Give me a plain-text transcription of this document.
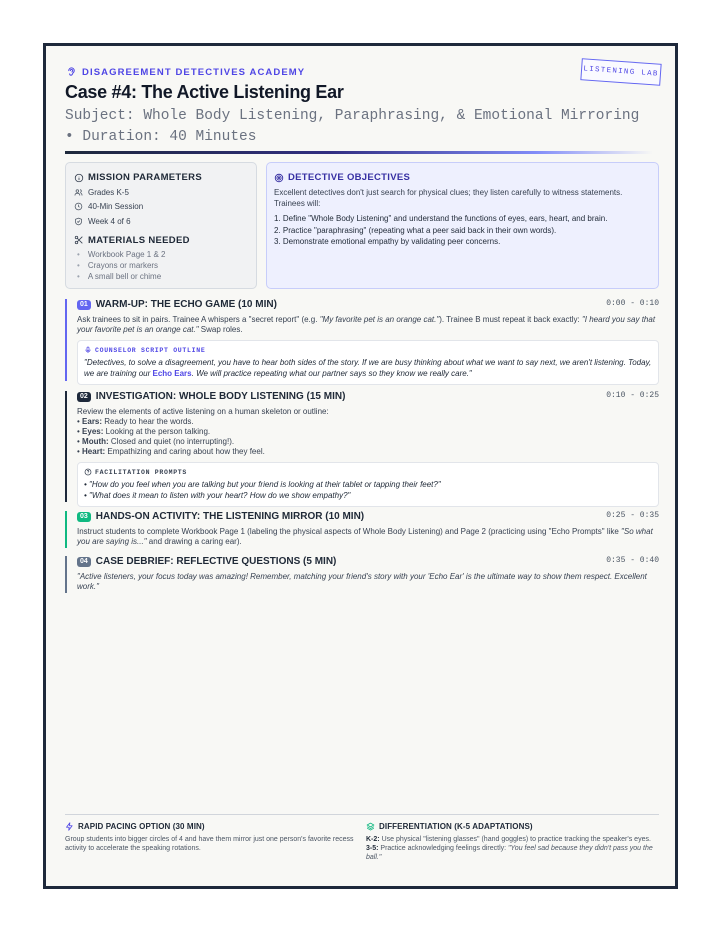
LISTENING LAB
DISAGREEMENT DETECTIVES ACADEMY
Case #4: The Active Listening Ear
Subject: Whole Body Listening, Paraphrasing, & Emotional Mirroring • Duration: 40 Minutes
MISSION PARAMETERS
Grades K-5
40-Min Session
Week 4 of 6
MATERIALS NEEDED
• Workbook Page 1 & 2
• Crayons or markers
• A small bell or chime
DETECTIVE OBJECTIVES
Excellent detectives don't just search for physical clues; they listen carefully to witness statements. Trainees will:
1. Define "Whole Body Listening" and understand the functions of eyes, ears, heart, and brain.
2. Practice "paraphrasing" (repeating what a peer said back in their own words).
3. Demonstrate emotional empathy by validating peer concerns.
01 WARM-UP: THE ECHO GAME (10 MIN)	0:00 - 0:10
Ask trainees to sit in pairs. Trainee A whispers a "secret report" (e.g. "My favorite pet is an orange cat."). Trainee B must repeat it back exactly: "I heard you say that your favorite pet is an orange cat." Swap roles.
COUNSELOR SCRIPT OUTLINE
"Detectives, to solve a disagreement, you have to hear both sides of the story. If we are busy thinking about what we want to say next, we aren't listening. Today, we are training our Echo Ears. We will practice repeating what our partner says so they know we really care."
02 INVESTIGATION: WHOLE BODY LISTENING (15 MIN)	0:10 - 0:25
Review the elements of active listening on a human skeleton or outline:
• Ears: Ready to hear the words.
• Eyes: Looking at the person talking.
• Mouth: Closed and quiet (no interrupting!).
• Heart: Empathizing and caring about how they feel.
FACILITATION PROMPTS
• "How do you feel when you are talking but your friend is looking at their tablet or tapping their feet?"
• "What does it mean to listen with your heart? How do we show empathy?"
03 HANDS-ON ACTIVITY: THE LISTENING MIRROR (10 MIN)	0:25 - 0:35
Instruct students to complete Workbook Page 1 (labeling the physical aspects of Whole Body Listening) and Page 2 (practicing using "Echo Prompts" like "So what you are saying is..." and drawing a caring ear).
04 CASE DEBRIEF: REFLECTIVE QUESTIONS (5 MIN)	0:35 - 0:40
"Active listeners, your focus today was amazing! Remember, matching your friend's story with your 'Echo Ear' is the ultimate way to show them respect. Excellent work."
RAPID PACING OPTION (30 MIN)
Group students into bigger circles of 4 and have them mirror just one person's favorite recess activity to accelerate the speaking rotations.
DIFFERENTIATION (K-5 ADAPTATIONS)
K-2: Use physical "listening glasses" (hand goggles) to practice tracking the speaker's eyes.
3-5: Practice acknowledging feelings directly: "You feel sad because they didn't pass you the ball."
